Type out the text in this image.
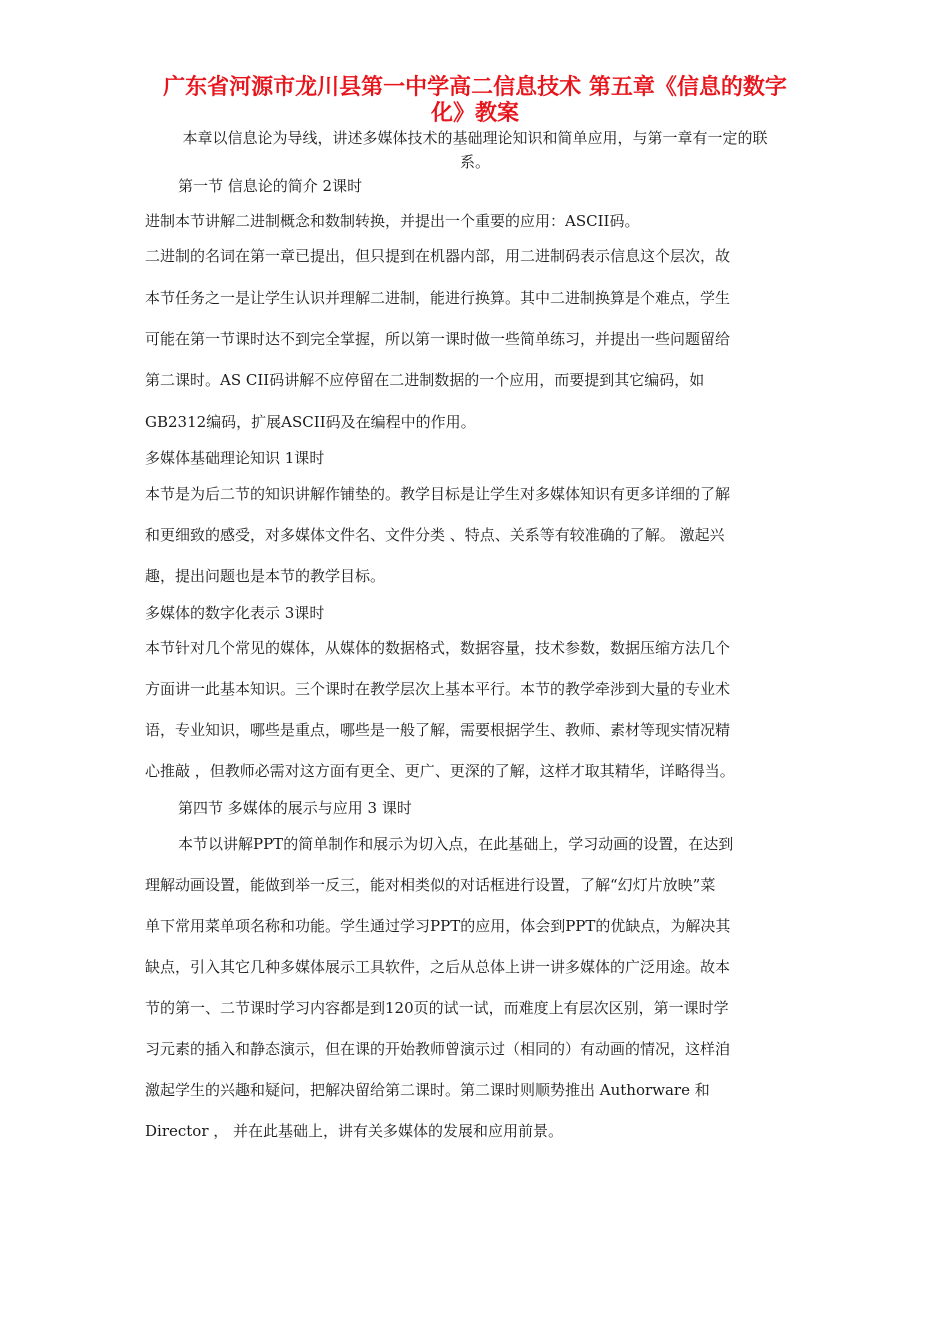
广东省河源市龙川县第一中学高二信息技术 第五章《信息的数字
化》教案
本章以信息论为导线，讲述多媒体技术的基础理论知识和简单应用，与第一章有一定的联
系。
第一节 信息论的简介 2课时
进制本节讲解二进制概念和数制转换，并提出一个重要的应用：ASCII码。
二进制的名词在第一章已提出，但只提到在机器内部，用二进制码表示信息这个层次，故
本节任务之一是让学生认识并理解二进制，能进行换算。其中二进制换算是个难点，学生
可能在第一节课时达不到完全掌握，所以第一课时做一些简单练习，并提出一些问题留给
第二课时。AS CII码讲解不应停留在二进制数据的一个应用，而要提到其它编码，如
GB2312编码，扩展ASCII码及在编程中的作用。
多媒体基础理论知识 1课时
本节是为后二节的知识讲解作铺垫的。教学目标是让学生对多媒体知识有更多详细的了解
和更细致的感受，对多媒体文件名、文件分类 、特点、关系等有较准确的了解。 激起兴
趣，提出问题也是本节的教学目标。
多媒体的数字化表示 3课时
本节针对几个常见的媒体，从媒体的数据格式，数据容量，技术参数，数据压缩方法几个
方面讲一此基本知识。三个课时在教学层次上基本平行。本节的教学牵涉到大量的专业术
语，专业知识，哪些是重点，哪些是一般了解，需要根据学生、教师、素材等现实情况精
心推敲 ，但教师必需对这方面有更全、更广、更深的了解，这样才取其精华，详略得当。
第四节 多媒体的展示与应用 3 课时
本节以讲解PPT的简单制作和展示为切入点，在此基础上，学习动画的设置，在达到
理解动画设置，能做到举一反三，能对相类似的对话框进行设置，了解“幻灯片放映”菜
单下常用菜单项名称和功能。学生通过学习PPT的应用，体会到PPT的优缺点，为解决其
缺点，引入其它几种多媒体展示工具软件，之后从总体上讲一讲多媒体的广泛用途。故本
节的第一、二节课时学习内容都是到120页的试一试，而难度上有层次区别，第一课时学
习元素的插入和静态演示，但在课的开始教师曾演示过（相同的）有动画的情况，这样洎
激起学生的兴趣和疑问，把解决留给第二课时。第二课时则顺势推出 Authorware 和
Director ， 并在此基础上，讲有关多媒体的发展和应用前景。
